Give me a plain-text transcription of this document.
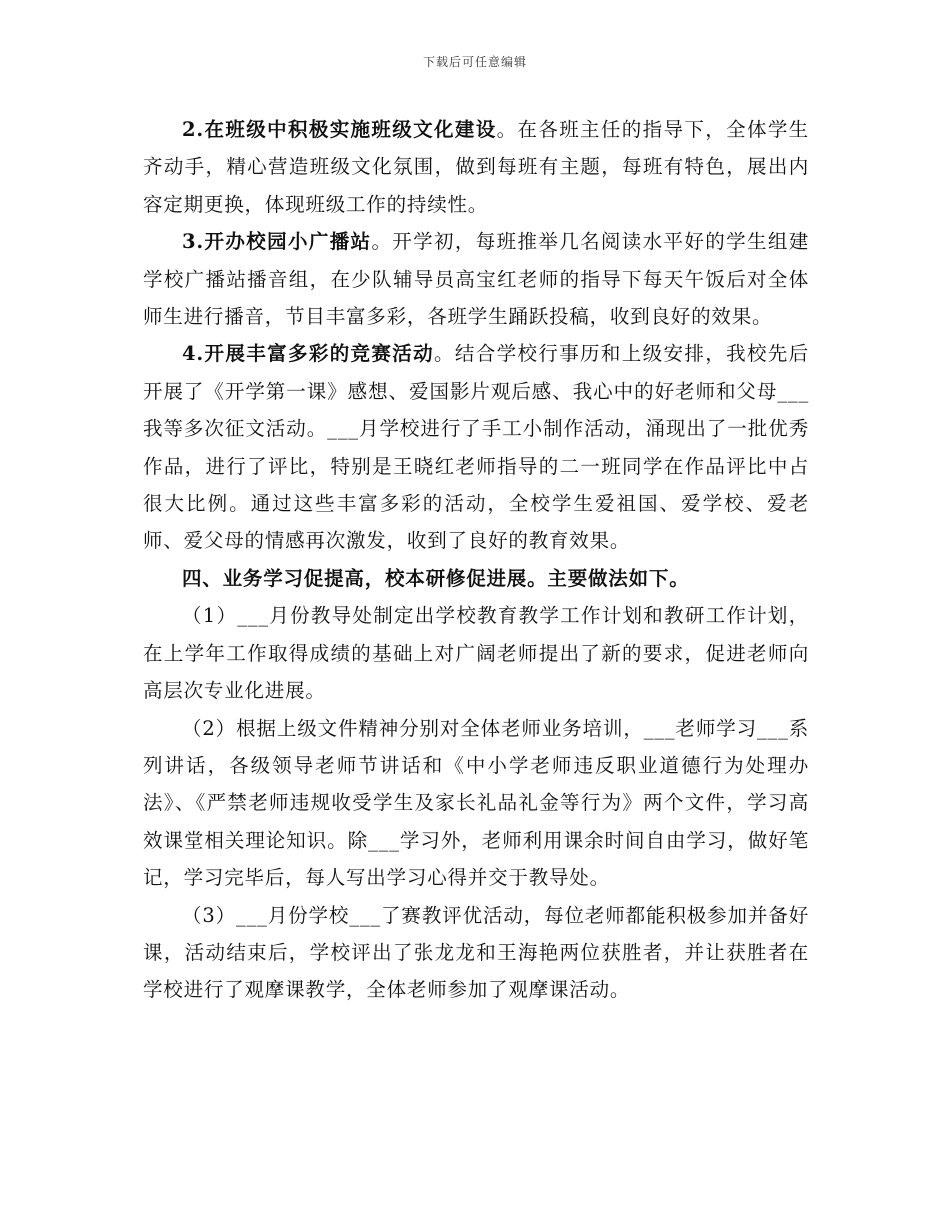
下载后可任意编辑

2.在班级中积极实施班级文化建设。在各班主任的指导下，全体学生齐动手，精心营造班级文化氛围，做到每班有主题，每班有特色，展出内容定期更换，体现班级工作的持续性。

3.开办校园小广播站。开学初，每班推举几名阅读水平好的学生组建学校广播站播音组，在少队辅导员高宝红老师的指导下每天午饭后对全体师生进行播音，节目丰富多彩，各班学生踊跃投稿，收到良好的效果。

4.开展丰富多彩的竞赛活动。结合学校行事历和上级安排，我校先后开展了《开学第一课》感想、爱国影片观后感、我心中的好老师和父母___我等多次征文活动。___月学校进行了手工小制作活动，涌现出了一批优秀作品，进行了评比，特别是王晓红老师指导的二一班同学在作品评比中占很大比例。通过这些丰富多彩的活动，全校学生爱祖国、爱学校、爱老师、爱父母的情感再次激发，收到了良好的教育效果。

四、业务学习促提高，校本研修促进展。主要做法如下。

（1）___月份教导处制定出学校教育教学工作计划和教研工作计划，在上学年工作取得成绩的基础上对广阔老师提出了新的要求，促进老师向高层次专业化进展。

（2）根据上级文件精神分别对全体老师业务培训，___老师学习___系列讲话，各级领导老师节讲话和《中小学老师违反职业道德行为处理办法》、《严禁老师违规收受学生及家长礼品礼金等行为》两个文件，学习高效课堂相关理论知识。除___学习外，老师利用课余时间自由学习，做好笔记，学习完毕后，每人写出学习心得并交于教导处。

（3）___月份学校___了赛教评优活动，每位老师都能积极参加并备好课，活动结束后，学校评出了张龙龙和王海艳两位获胜者，并让获胜者在学校进行了观摩课教学，全体老师参加了观摩课活动。
